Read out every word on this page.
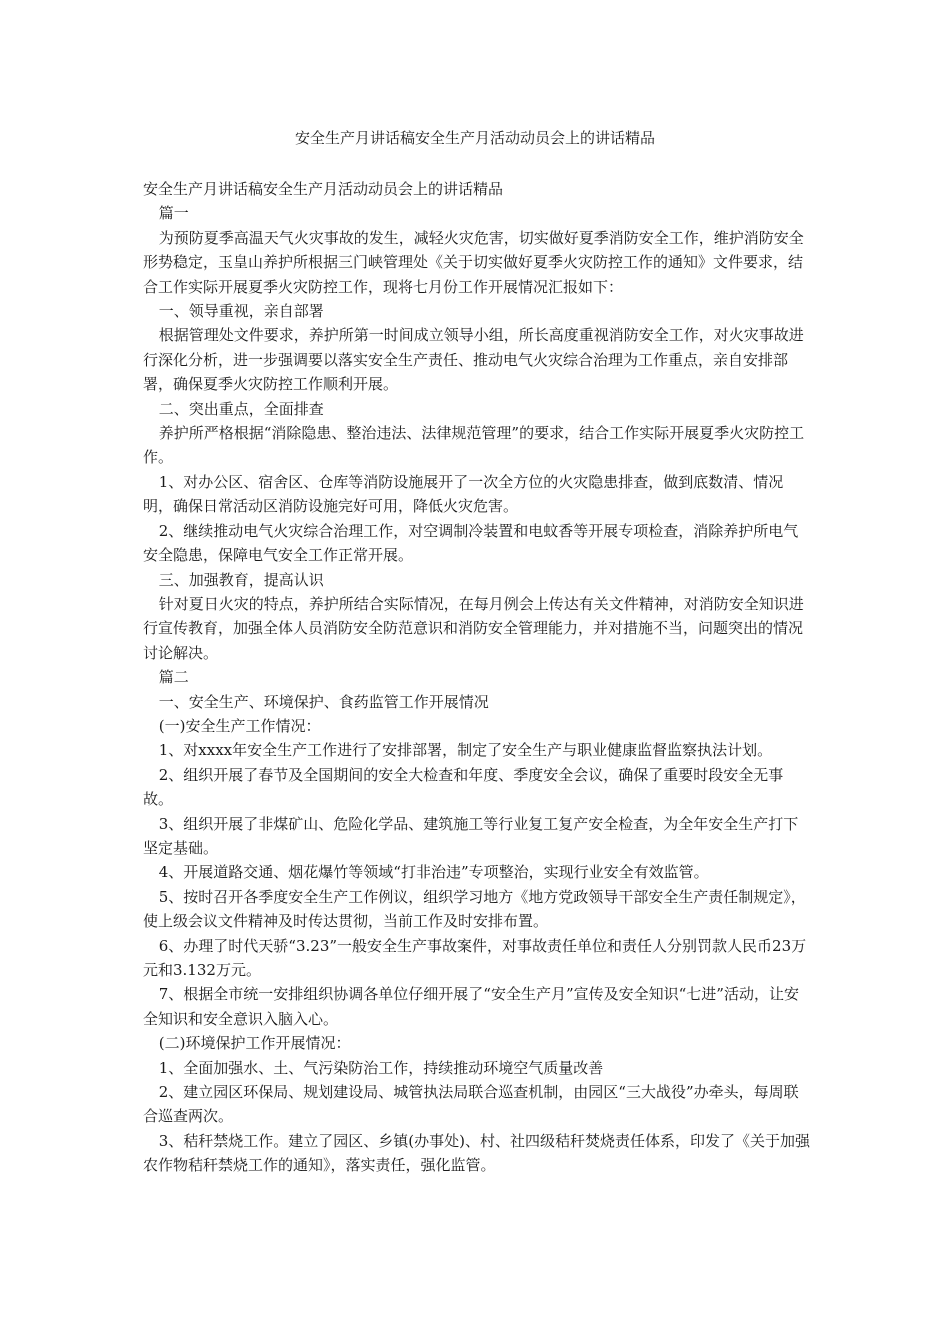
安全生产月讲话稿安全生产月活动动员会上的讲话精品

安全生产月讲话稿安全生产月活动动员会上的讲话精品

篇一

为预防夏季高温天气火灾事故的发生，减轻火灾危害，切实做好夏季消防安全工作，维护消防安全形势稳定，玉皇山养护所根据三门峡管理处《关于切实做好夏季火灾防控工作的通知》文件要求，结合工作实际开展夏季火灾防控工作，现将七月份工作开展情况汇报如下：

一、领导重视，亲自部署

根据管理处文件要求，养护所第一时间成立领导小组，所长高度重视消防安全工作，对火灾事故进行深化分析，进一步强调要以落实安全生产责任、推动电气火灾综合治理为工作重点，亲自安排部署，确保夏季火灾防控工作顺利开展。

二、突出重点，全面排查

养护所严格根据“消除隐患、整治违法、法律规范管理”的要求，结合工作实际开展夏季火灾防控工作。

1、对办公区、宿舍区、仓库等消防设施展开了一次全方位的火灾隐患排查，做到底数清、情况明，确保日常活动区消防设施完好可用，降低火灾危害。

2、继续推动电气火灾综合治理工作，对空调制冷装置和电蚊香等开展专项检查，消除养护所电气安全隐患，保障电气安全工作正常开展。

三、加强教育，提高认识

针对夏日火灾的特点，养护所结合实际情况，在每月例会上传达有关文件精神，对消防安全知识进行宣传教育，加强全体人员消防安全防范意识和消防安全管理能力，并对措施不当，问题突出的情况讨论解决。

篇二

一、安全生产、环境保护、食药监管工作开展情况

(一)安全生产工作情况：

1、对xxxx年安全生产工作进行了安排部署，制定了安全生产与职业健康监督监察执法计划。

2、组织开展了春节及全国期间的安全大检查和年度、季度安全会议，确保了重要时段安全无事故。

3、组织开展了非煤矿山、危险化学品、建筑施工等行业复工复产安全检查，为全年安全生产打下坚定基础。

4、开展道路交通、烟花爆竹等领域“打非治违”专项整治，实现行业安全有效监管。

5、按时召开各季度安全生产工作例议，组织学习地方《地方党政领导干部安全生产责任制规定》，使上级会议文件精神及时传达贯彻，当前工作及时安排布置。

6、办理了时代天骄“3.23”一般安全生产事故案件，对事故责任单位和责任人分别罚款人民币23万元和3.132万元。

7、根据全市统一安排组织协调各单位仔细开展了“安全生产月”宣传及安全知识“七进”活动，让安全知识和安全意识入脑入心。

(二)环境保护工作开展情况：

1、全面加强水、土、气污染防治工作，持续推动环境空气质量改善

2、建立园区环保局、规划建设局、城管执法局联合巡查机制，由园区“三大战役”办牵头，每周联合巡查两次。

3、秸秆禁烧工作。建立了园区、乡镇(办事处)、村、社四级秸秆焚烧责任体系，印发了《关于加强农作物秸秆禁烧工作的通知》，落实责任，强化监管。
